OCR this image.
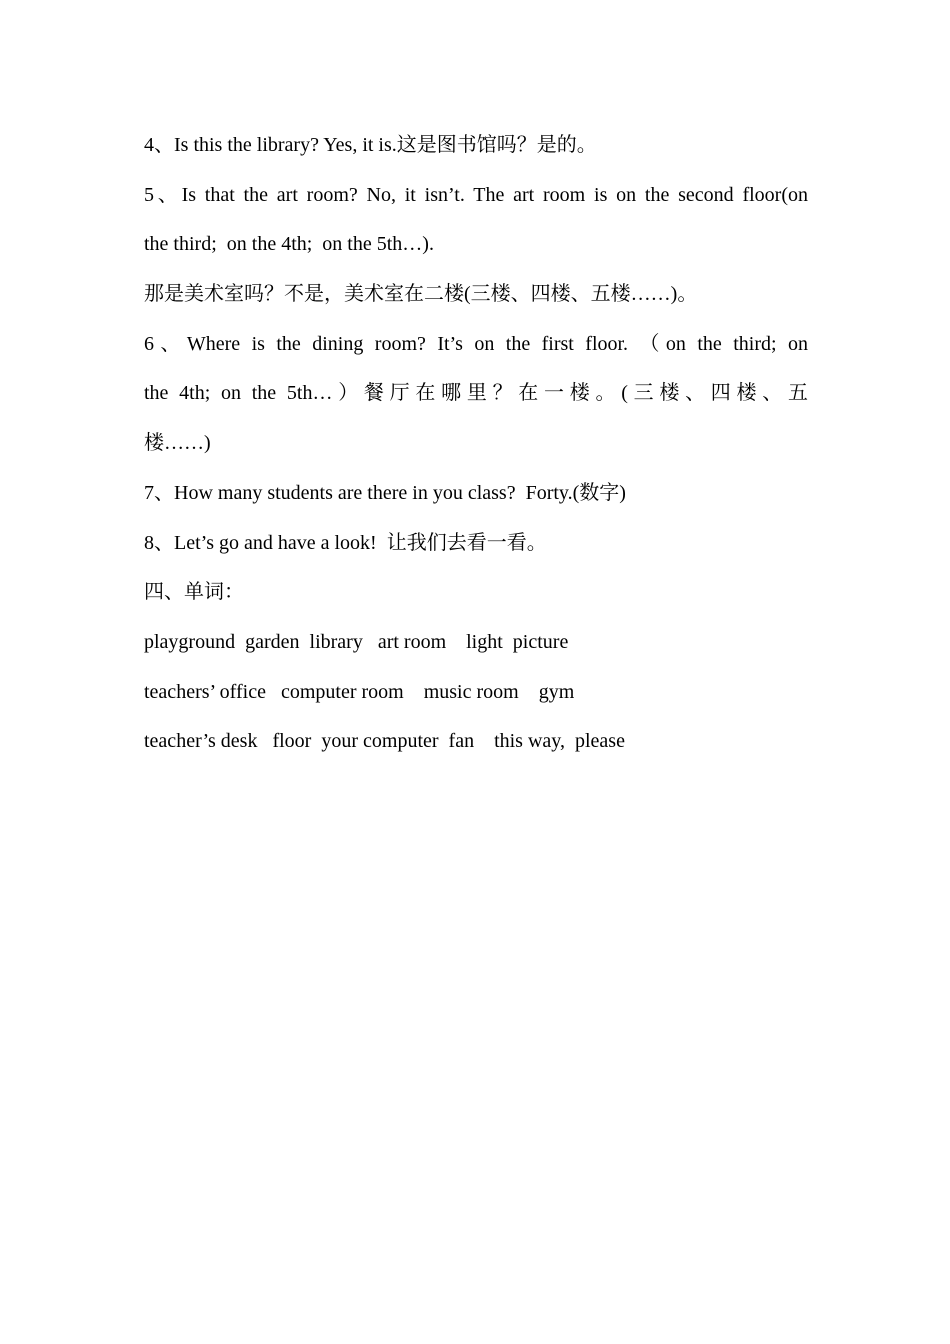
4、Is this the library? Yes, it is.这是图书馆吗？是的。
5、Is that the art room? No, it isn’t. The art room is on the second floor(on
the third;  on the 4th;  on the 5th…).
那是美术室吗？不是，美术室在二楼(三楼、四楼、五楼……)。
6、Where is the dining room? It’s on the first floor. （on the third; on
the 4th; on the 5th…）餐厅在哪里？在一楼。(三楼、四楼、五
楼……)
7、How many students are there in you class?  Forty.(数字)
8、Let’s go and have a look!  让我们去看一看。
四、单词：
playground  garden  library   art room    light  picture
teachers’ office   computer room    music room    gym
teacher’s desk   floor  your computer  fan    this way,  please
